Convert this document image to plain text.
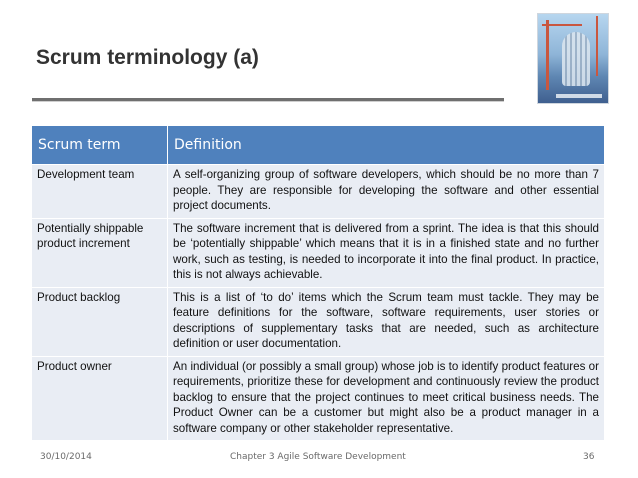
Scrum terminology (a)
Scrum term	Definition
Development team	A self-organizing group of software developers, which should be no more than 7 people. They are responsible for developing the software and other essential project documents.
Potentially shippable product increment	The software increment that is delivered from a sprint. The idea is that this should be ‘potentially shippable’ which means that it is in a finished state and no further work, such as testing, is needed to incorporate it into the final product. In practice, this is not always achievable.
Product backlog	This is a list of ‘to do’ items which the Scrum team must tackle. They may be feature definitions for the software, software requirements, user stories or descriptions of supplementary tasks that are needed, such as architecture definition or user documentation.
Product owner	An individual (or possibly a small group) whose job is to identify product features or requirements, prioritize these for development and continuously review the product backlog to ensure that the project continues to meet critical business needs. The Product Owner can be a customer but might also be a product manager in a software company or other stakeholder representative.
30/10/2014	Chapter 3 Agile Software Development	36
